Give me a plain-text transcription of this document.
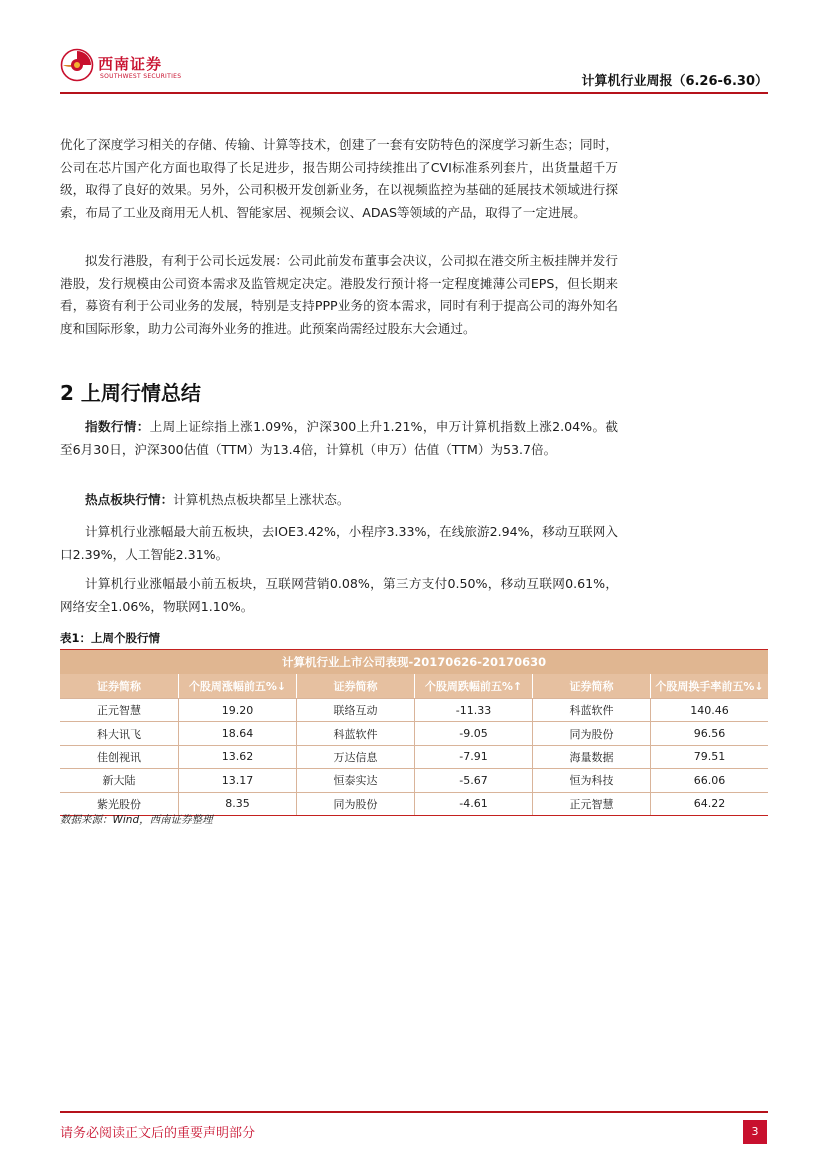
西南证券
SOUTHWEST SECURITIES	计算机行业周报（6.26-6.30）

优化了深度学习相关的存储、传输、计算等技术，创建了一套有安防特色的深度学习新生态；同时，公司在芯片国产化方面也取得了长足进步，报告期公司持续推出了CVI标准系列套片，出货量超千万级，取得了良好的效果。另外，公司积极开发创新业务，在以视频监控为基础的延展技术领域进行探索，布局了工业及商用无人机、智能家居、视频会议、ADAS等领域的产品，取得了一定进展。

拟发行港股，有利于公司长远发展：公司此前发布董事会决议，公司拟在港交所主板挂牌并发行港股，发行规模由公司资本需求及监管规定决定。港股发行预计将一定程度摊薄公司EPS，但长期来看，募资有利于公司业务的发展，特别是支持PPP业务的资本需求，同时有利于提高公司的海外知名度和国际形象，助力公司海外业务的推进。此预案尚需经过股东大会通过。

2 上周行情总结

指数行情：上周上证综指上涨1.09%，沪深300上升1.21%，申万计算机指数上涨2.04%。截至6月30日，沪深300估值（TTM）为13.4倍，计算机（申万）估值（TTM）为53.7倍。

热点板块行情：计算机热点板块都呈上涨状态。

计算机行业涨幅最大前五板块，去IOE3.42%，小程序3.33%，在线旅游2.94%，移动互联网入口2.39%，人工智能2.31%。

计算机行业涨幅最小前五板块，互联网营销0.08%，第三方支付0.50%，移动互联网0.61%，网络安全1.06%，物联网1.10%。

表1：上周个股行情
计算机行业上市公司表现-20170626-20170630					
证券简称	个股周涨幅前五%↓	证券简称	个股周跌幅前五%↑	证券简称	个股周换手率前五%↓
正元智慧	19.20	联络互动	-11.33	科蓝软件	140.46
科大讯飞	18.64	科蓝软件	-9.05	同为股份	96.56
佳创视讯	13.62	万达信息	-7.91	海量数据	79.51
新大陆	13.17	恒泰实达	-5.67	恒为科技	66.06
紫光股份	8.35	同为股份	-4.61	正元智慧	64.22
数据来源：Wind，西南证券整理
请务必阅读正文后的重要声明部分	3
